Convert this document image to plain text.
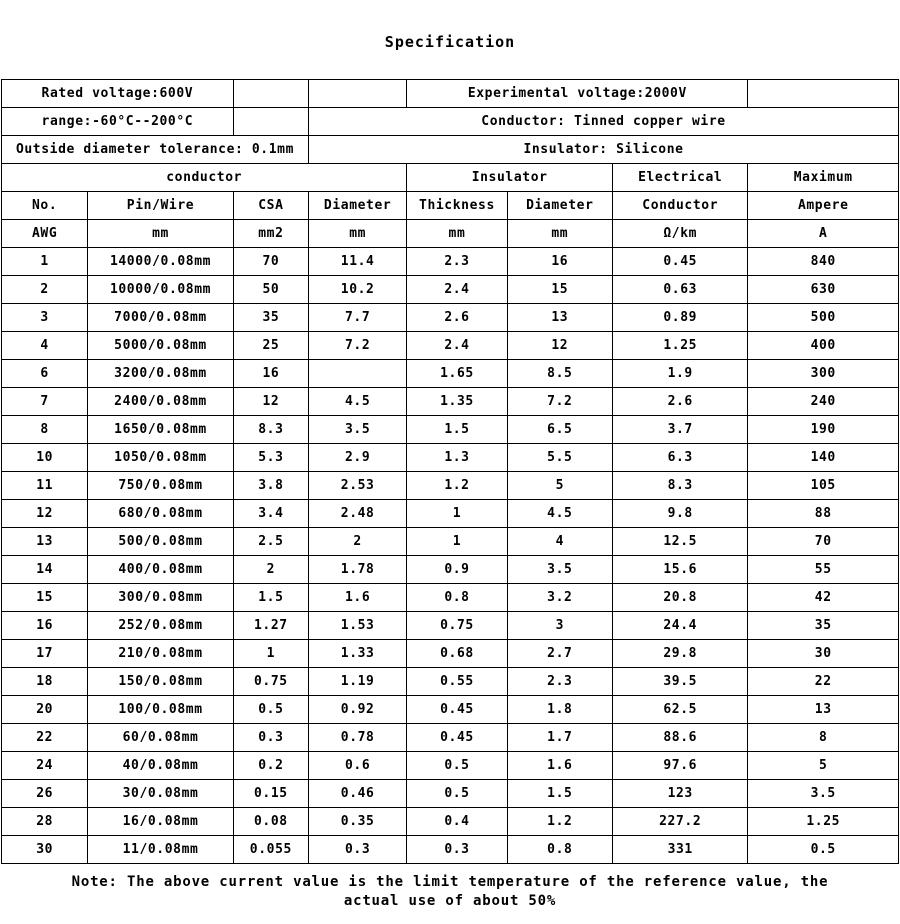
Specification
Rated voltage:600V				Experimental voltage:2000V			
range:-60°C--200°C			Conductor: Tinned copper wire				
Outside diameter tolerance: 0.1mm			Insulator: Silicone				
conductor				Insulator		Electrical	Maximum
No.	Pin/Wire	CSA	Diameter	Thickness	Diameter	Conductor	Ampere
AWG	mm	mm2	mm	mm	mm	Ω/km	A
1	14000/0.08mm	70	11.4	2.3	16	0.45	840
2	10000/0.08mm	50	10.2	2.4	15	0.63	630
3	7000/0.08mm	35	7.7	2.6	13	0.89	500
4	5000/0.08mm	25	7.2	2.4	12	1.25	400
6	3200/0.08mm	16		1.65	8.5	1.9	300
7	2400/0.08mm	12	4.5	1.35	7.2	2.6	240
8	1650/0.08mm	8.3	3.5	1.5	6.5	3.7	190
10	1050/0.08mm	5.3	2.9	1.3	5.5	6.3	140
11	750/0.08mm	3.8	2.53	1.2	5	8.3	105
12	680/0.08mm	3.4	2.48	1	4.5	9.8	88
13	500/0.08mm	2.5	2	1	4	12.5	70
14	400/0.08mm	2	1.78	0.9	3.5	15.6	55
15	300/0.08mm	1.5	1.6	0.8	3.2	20.8	42
16	252/0.08mm	1.27	1.53	0.75	3	24.4	35
17	210/0.08mm	1	1.33	0.68	2.7	29.8	30
18	150/0.08mm	0.75	1.19	0.55	2.3	39.5	22
20	100/0.08mm	0.5	0.92	0.45	1.8	62.5	13
22	60/0.08mm	0.3	0.78	0.45	1.7	88.6	8
24	40/0.08mm	0.2	0.6	0.5	1.6	97.6	5
26	30/0.08mm	0.15	0.46	0.5	1.5	123	3.5
28	16/0.08mm	0.08	0.35	0.4	1.2	227.2	1.25
30	11/0.08mm	0.055	0.3	0.3	0.8	331	0.5
Note: The above current value is the limit temperature of the reference value, the
actual use of about 50%
